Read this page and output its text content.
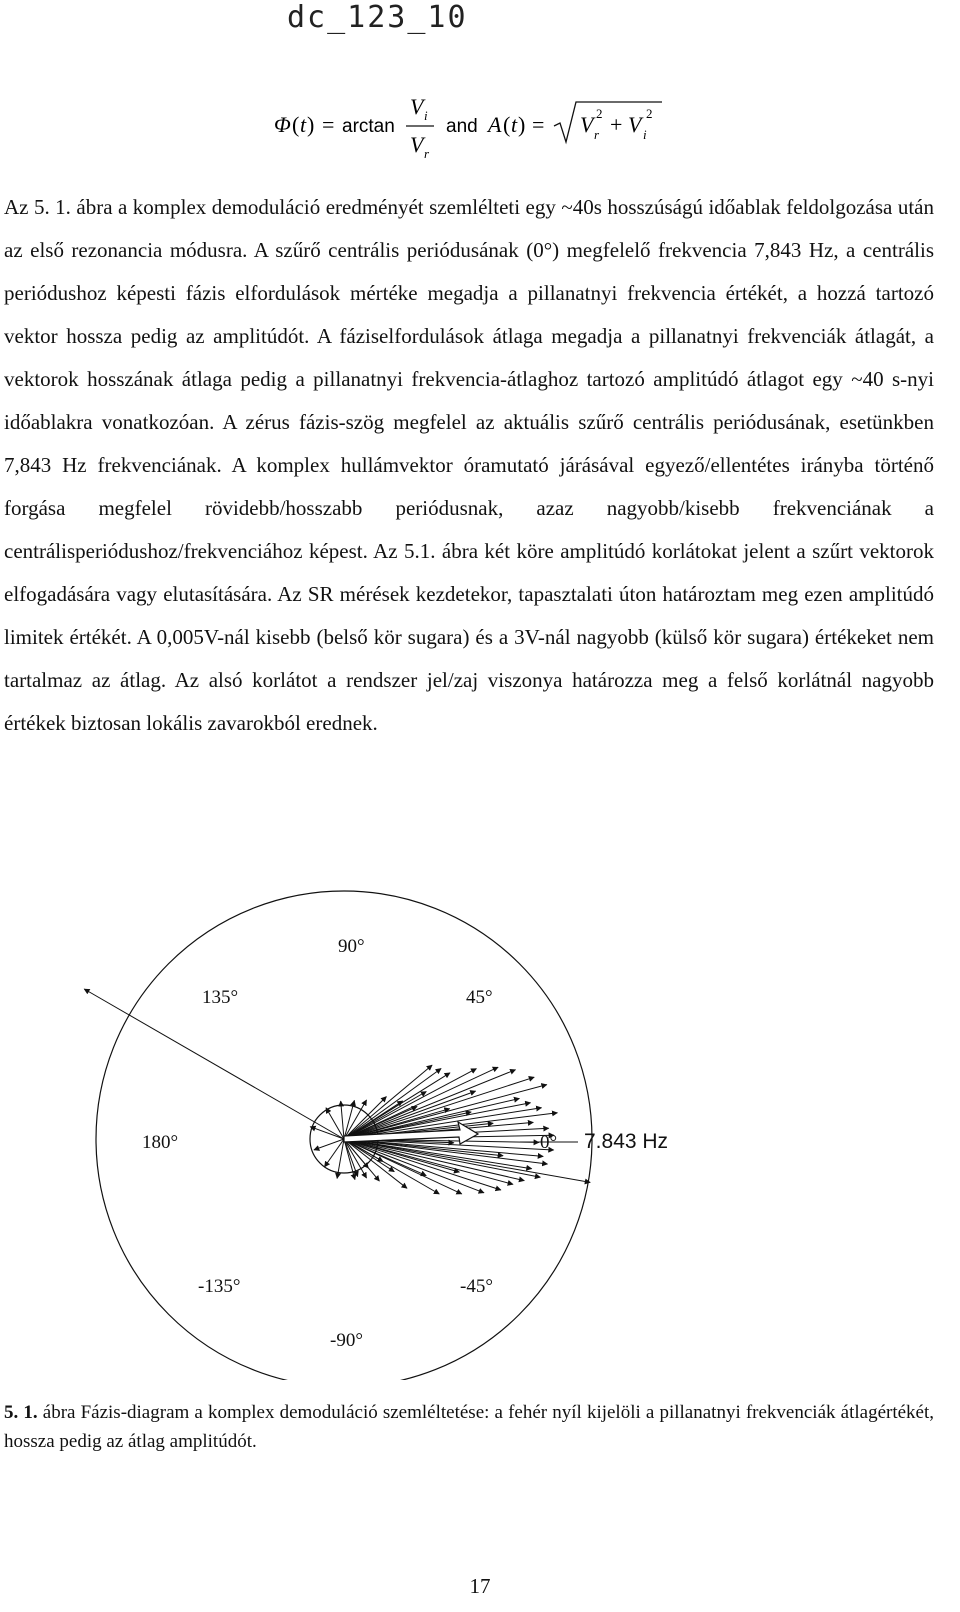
dc_123_10
Φ ( t ) = arctan
V i
V r
and A ( t ) = V 2
r + V 2
i
Az 5. 1. ábra a komplex demoduláció eredményét szemlélteti egy ~40s hosszúságú időablak feldolgozása után az első rezonancia módusra. A szűrő centrális periódusának (0°) megfelelő frekvencia 7,843 Hz, a centrális periódushoz képesti fázis elfordulások mértéke megadja a pillanatnyi frekvencia értékét, a hozzá tartozó vektor hossza pedig az amplitúdót. A fáziselfordulások átlaga megadja a pillanatnyi frekvenciák átlagát, a vektorok hosszának átlaga pedig a pillanatnyi frekvencia-átlaghoz tartozó amplitúdó átlagot egy ~40 s-nyi időablakra vonatkozóan. A zérus fázis-szög megfelel az aktuális szűrő centrális periódusának, esetünkben 7,843 Hz frekvenciának. A komplex hullámvektor óramutató járásával egyező/ellentétes irányba történő forgása megfelel rövidebb/hosszabb periódusnak, azaz nagyobb/kisebb frekvenciának a centrálisperiódushoz/frekvenciához képest. Az 5.1. ábra két köre amplitúdó korlátokat jelent a szűrt vektorok elfogadására vagy elutasítására. Az SR mérések kezdetekor, tapasztalati úton határoztam meg ezen amplitúdó limitek értékét. A 0,005V-nál kisebb (belső kör sugara) és a 3V-nál nagyobb (külső kör sugara) értékeket nem tartalmaz az átlag. Az alsó korlátot a rendszer jel/zaj viszonya határozza meg a felső korlátnál nagyobb értékek biztosan lokális zavarokból erednek.
90°
45°
135°
180°	0°
-45°
-135°
-90°
7.843 Hz
5. 1. ábra Fázis-diagram a komplex demoduláció szemléltetése: a fehér nyíl kijelöli a pillanatnyi frekvenciák átlagértékét, hossza pedig az átlag amplitúdót.
17
